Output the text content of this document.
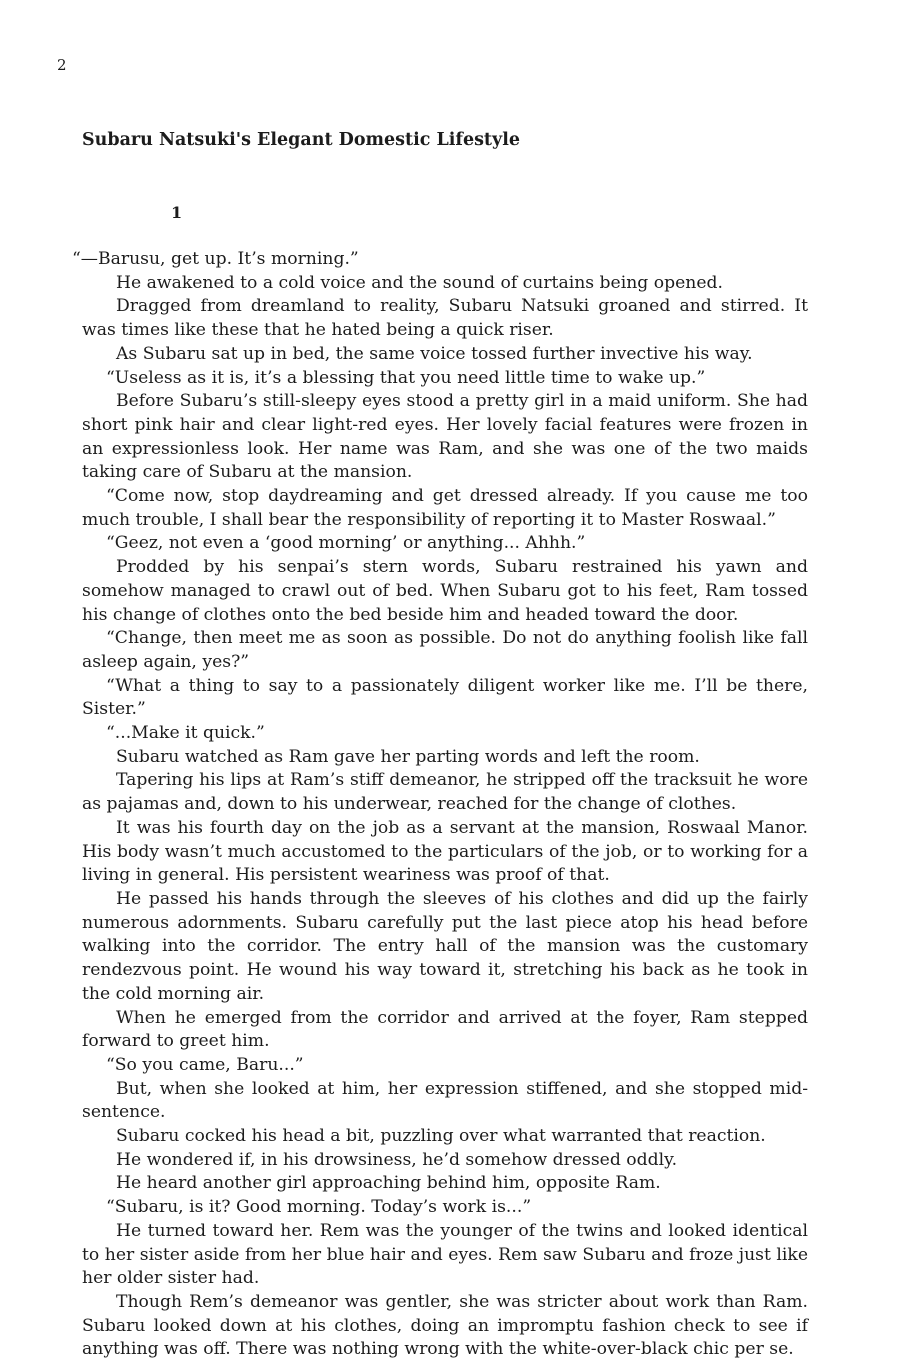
2
Subaru Natsuki's Elegant Domestic Lifestyle
1

“—Barusu, get up. It’s morning.”

He awakened to a cold voice and the sound of curtains being opened.

Dragged from dreamland to reality, Subaru Natsuki groaned and stirred. It was times like these that he hated being a quick riser.

As Subaru sat up in bed, the same voice tossed further invective his way.

“Useless as it is, it’s a blessing that you need little time to wake up.”

Before Subaru’s still-sleepy eyes stood a pretty girl in a maid uniform. She had short pink hair and clear light-red eyes. Her lovely facial features were frozen in an expressionless look. Her name was Ram, and she was one of the two maids taking care of Subaru at the mansion.

“Come now, stop daydreaming and get dressed already. If you cause me too much trouble, I shall bear the responsibility of reporting it to Master Roswaal.”

“Geez, not even a ‘good morning’ or anything... Ahhh.”

Prodded by his senpai’s stern words, Subaru restrained his yawn and somehow managed to crawl out of bed. When Subaru got to his feet, Ram tossed his change of clothes onto the bed beside him and headed toward the door.

“Change, then meet me as soon as possible. Do not do anything foolish like fall asleep again, yes?”

“What a thing to say to a passionately diligent worker like me. I’ll be there, Sister.”

“...Make it quick.”

Subaru watched as Ram gave her parting words and left the room.

Tapering his lips at Ram’s stiff demeanor, he stripped off the tracksuit he wore as pajamas and, down to his underwear, reached for the change of clothes.

It was his fourth day on the job as a servant at the mansion, Roswaal Manor. His body wasn’t much accustomed to the particulars of the job, or to working for a living in general. His persistent weariness was proof of that.

He passed his hands through the sleeves of his clothes and did up the fairly numerous adornments. Subaru carefully put the last piece atop his head before walking into the corridor. The entry hall of the mansion was the customary rendezvous point. He wound his way toward it, stretching his back as he took in the cold morning air.

When he emerged from the corridor and arrived at the foyer, Ram stepped forward to greet him.

“So you came, Baru...”

But, when she looked at him, her expression stiffened, and she stopped mid-sentence.

Subaru cocked his head a bit, puzzling over what warranted that reaction.

He wondered if, in his drowsiness, he’d somehow dressed oddly.

He heard another girl approaching behind him, opposite Ram.

“Subaru, is it? Good morning. Today’s work is...”

He turned toward her. Rem was the younger of the twins and looked identical to her sister aside from her blue hair and eyes. Rem saw Subaru and froze just like her older sister had.

Though Rem’s demeanor was gentler, she was stricter about work than Ram. Subaru looked down at his clothes, doing an impromptu fashion check to see if anything was off. There was nothing wrong with the white-over-black chic per se.
